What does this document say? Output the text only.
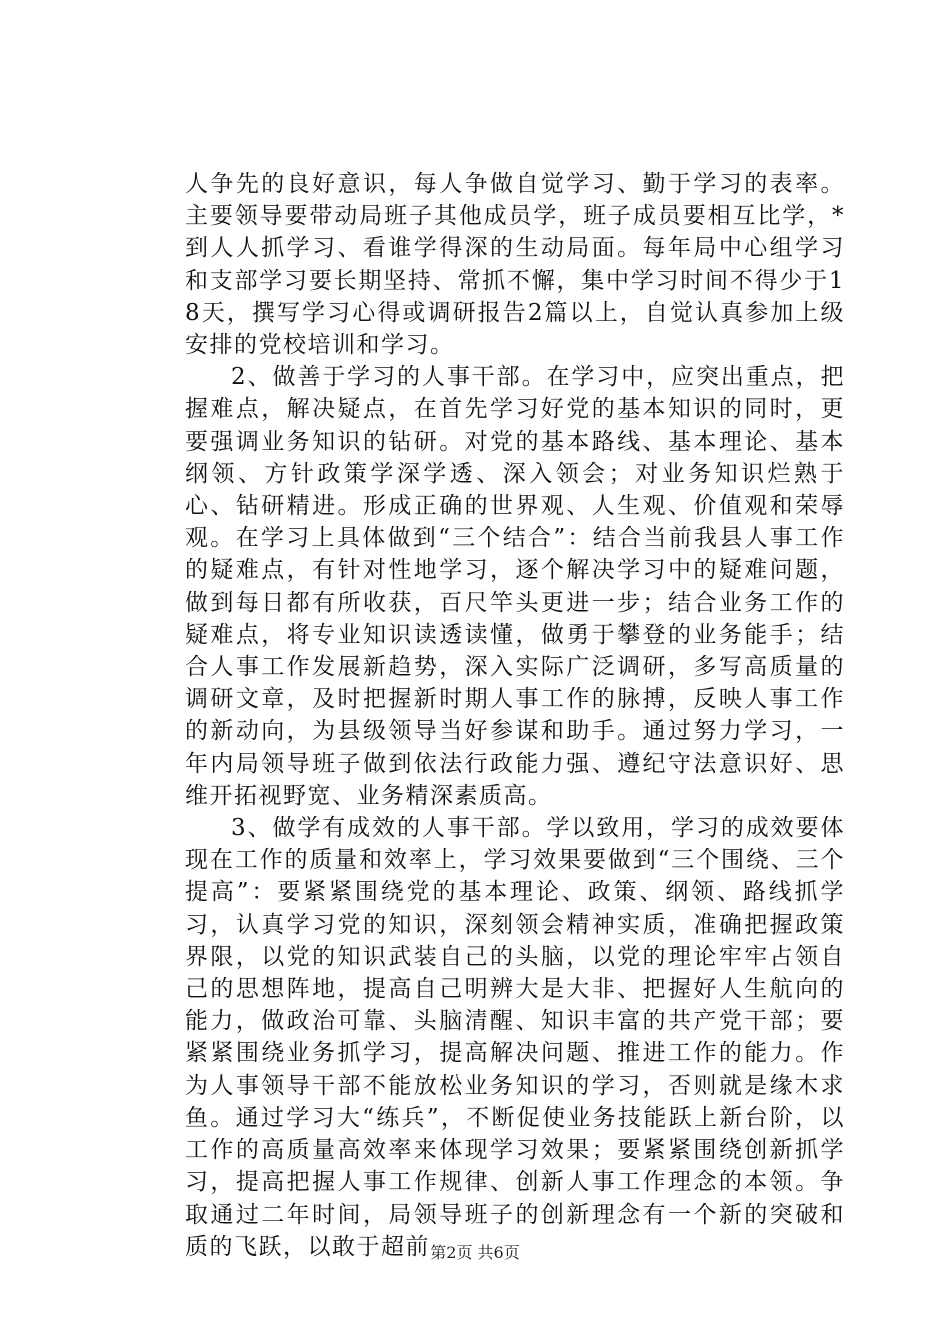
人争先的良好意识，每人争做自觉学习、勤于学习的表率。主要领导要带动局班子其他成员学，班子成员要相互比学，*到人人抓学习、看谁学得深的生动局面。每年局中心组学习和支部学习要长期坚持、常抓不懈，集中学习时间不得少于18天，撰写学习心得或调研报告2篇以上，自觉认真参加上级安排的党校培训和学习。

2、做善于学习的人事干部。在学习中，应突出重点，把握难点，解决疑点，在首先学习好党的基本知识的同时，更要强调业务知识的钻研。对党的基本路线、基本理论、基本纲领、方针政策学深学透、深入领会；对业务知识烂熟于心、钻研精进。形成正确的世界观、人生观、价值观和荣辱观。在学习上具体做到“三个结合”：结合当前我县人事工作的疑难点，有针对性地学习，逐个解决学习中的疑难问题，做到每日都有所收获，百尺竿头更进一步；结合业务工作的疑难点，将专业知识读透读懂，做勇于攀登的业务能手；结合人事工作发展新趋势，深入实际广泛调研，多写高质量的调研文章，及时把握新时期人事工作的脉搏，反映人事工作的新动向，为县级领导当好参谋和助手。通过努力学习，一年内局领导班子做到依法行政能力强、遵纪守法意识好、思维开拓视野宽、业务精深素质高。

3、做学有成效的人事干部。学以致用，学习的成效要体现在工作的质量和效率上，学习效果要做到“三个围绕、三个提高”：要紧紧围绕党的基本理论、政策、纲领、路线抓学习，认真学习党的知识，深刻领会精神实质，准确把握政策界限，以党的知识武装自己的头脑，以党的理论牢牢占领自己的思想阵地，提高自己明辨大是大非、把握好人生航向的能力，做政治可靠、头脑清醒、知识丰富的共产党干部；要紧紧围绕业务抓学习，提高解决问题、推进工作的能力。作为人事领导干部不能放松业务知识的学习，否则就是缘木求鱼。通过学习大“练兵”，不断促使业务技能跃上新台阶，以工作的高质量高效率来体现学习效果；要紧紧围绕创新抓学习，提高把握人事工作规律、创新人事工作理念的本领。争取通过二年时间，局领导班子的创新理念有一个新的突破和质的飞跃，以敢于超前 第2页 共6页
